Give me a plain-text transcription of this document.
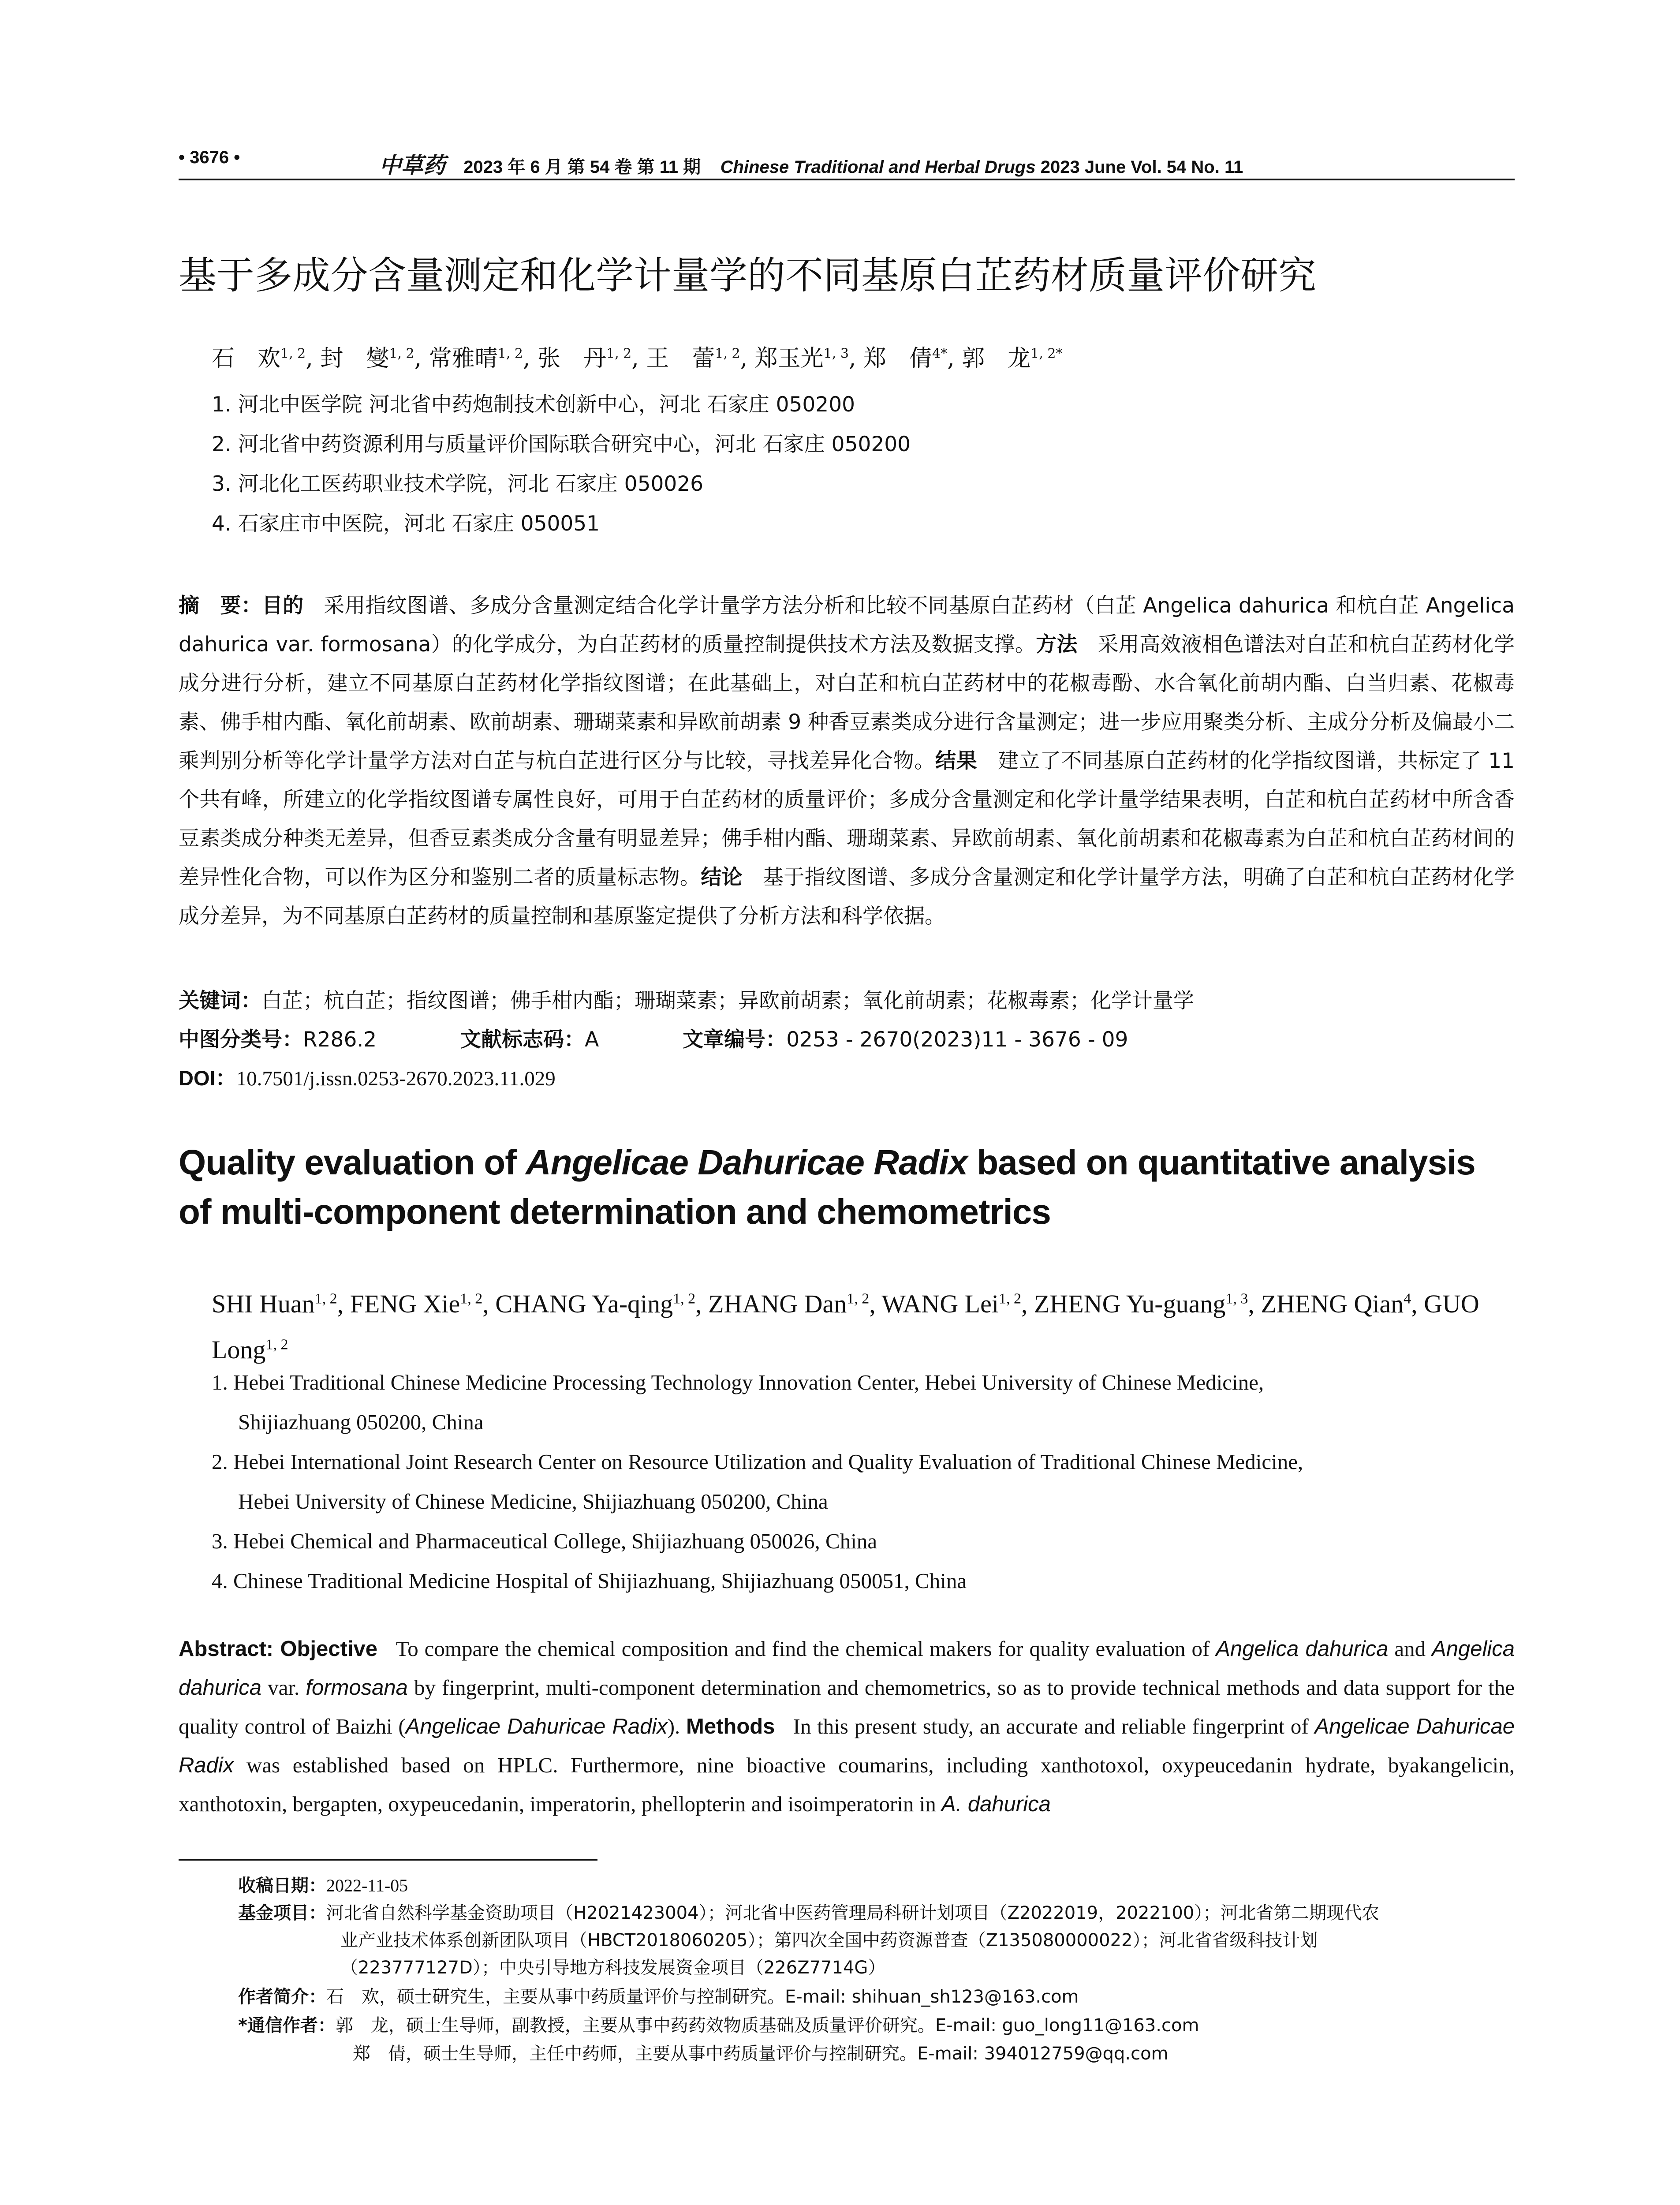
• 3676 •	中草药 2023 年 6 月 第 54 卷 第 11 期 Chinese Traditional and Herbal Drugs 2023 June Vol. 54 No. 11
基于多成分含量测定和化学计量学的不同基原白芷药材质量评价研究
石　欢$^{1, 2}$, 封　燮$^{1, 2}$, 常雅晴$^{1, 2}$, 张　丹$^{1, 2}$, 王　蕾$^{1, 2}$, 郑玉光$^{1, 3}$, 郑　倩$^{4*}$, 郭　龙$^{1, 2*}$
1. 河北中医学院 河北省中药炮制技术创新中心，河北 石家庄 050200
2. 河北省中药资源利用与质量评价国际联合研究中心，河北 石家庄 050200
3. 河北化工医药职业技术学院，河北 石家庄 050026
4. 石家庄市中医院，河北 石家庄 050051
摘　要：目的 采用指纹图谱、多成分含量测定结合化学计量学方法分析和比较不同基原白芷药材（白芷 Angelica dahurica 和杭白芷 Angelica dahurica var. formosana）的化学成分，为白芷药材的质量控制提供技术方法及数据支撑。方法 采用高效液相色谱法对白芷和杭白芷药材化学成分进行分析，建立不同基原白芷药材化学指纹图谱；在此基础上，对白芷和杭白芷药材中的花椒毒酚、水合氧化前胡内酯、白当归素、花椒毒素、佛手柑内酯、氧化前胡素、欧前胡素、珊瑚菜素和异欧前胡素 9 种香豆素类成分进行含量测定；进一步应用聚类分析、主成分分析及偏最小二乘判别分析等化学计量学方法对白芷与杭白芷进行区分与比较，寻找差异化合物。结果 建立了不同基原白芷药材的化学指纹图谱，共标定了 11 个共有峰，所建立的化学指纹图谱专属性良好，可用于白芷药材的质量评价；多成分含量测定和化学计量学结果表明，白芷和杭白芷药材中所含香豆素类成分种类无差异，但香豆素类成分含量有明显差异；佛手柑内酯、珊瑚菜素、异欧前胡素、氧化前胡素和花椒毒素为白芷和杭白芷药材间的差异性化合物，可以作为区分和鉴别二者的质量标志物。结论 基于指纹图谱、多成分含量测定和化学计量学方法，明确了白芷和杭白芷药材化学成分差异，为不同基原白芷药材的质量控制和基原鉴定提供了分析方法和科学依据。
关键词：白芷；杭白芷；指纹图谱；佛手柑内酯；珊瑚菜素；异欧前胡素；氧化前胡素；花椒毒素；化学计量学
中图分类号：R286.2	文献标志码：A	文章编号：0253 - 2670(2023)11 - 3676 - 09
DOI：10.7501/j.issn.0253-2670.2023.11.029
Quality evaluation of Angelicae Dahuricae Radix based on quantitative analysis of multi-component determination and chemometrics
SHI Huan$^{1, 2}$, FENG Xie$^{1, 2}$, CHANG Ya-qing$^{1, 2}$, ZHANG Dan$^{1, 2}$, WANG Lei$^{1, 2}$, ZHENG Yu-guang$^{1, 3}$, ZHENG Qian$^4$, GUO Long$^{1, 2}$
1. Hebei Traditional Chinese Medicine Processing Technology Innovation Center, Hebei University of Chinese Medicine,
Shijiazhuang 050200, China
2. Hebei International Joint Research Center on Resource Utilization and Quality Evaluation of Traditional Chinese Medicine,
Hebei University of Chinese Medicine, Shijiazhuang 050200, China
3. Hebei Chemical and Pharmaceutical College, Shijiazhuang 050026, China
4. Chinese Traditional Medicine Hospital of Shijiazhuang, Shijiazhuang 050051, China
Abstract: Objective To compare the chemical composition and find the chemical makers for quality evaluation of Angelica dahurica and Angelica dahurica var. formosana by fingerprint, multi-component determination and chemometrics, so as to provide technical methods and data support for the quality control of Baizhi (Angelicae Dahuricae Radix). Methods In this present study, an accurate and reliable fingerprint of Angelicae Dahuricae Radix was established based on HPLC. Furthermore, nine bioactive coumarins, including xanthotoxol, oxypeucedanin hydrate, byakangelicin, xanthotoxin, bergapten, oxypeucedanin, imperatorin, phellopterin and isoimperatorin in A. dahurica
收稿日期：2022-11-05
基金项目：河北省自然科学基金资助项目（H2021423004）；河北省中医药管理局科研计划项目（Z2022019，2022100）；河北省第二期现代农
业产业技术体系创新团队项目（HBCT2018060205）；第四次全国中药资源普查（Z135080000022）；河北省省级科技计划
（223777127D）；中央引导地方科技发展资金项目（226Z7714G）
作者简介：石　欢，硕士研究生，主要从事中药质量评价与控制研究。E-mail: shihuan_sh123@163.com
*通信作者：郭　龙，硕士生导师，副教授，主要从事中药药效物质基础及质量评价研究。E-mail: guo_long11@163.com
郑　倩，硕士生导师，主任中药师，主要从事中药质量评价与控制研究。E-mail: 394012759@qq.com
